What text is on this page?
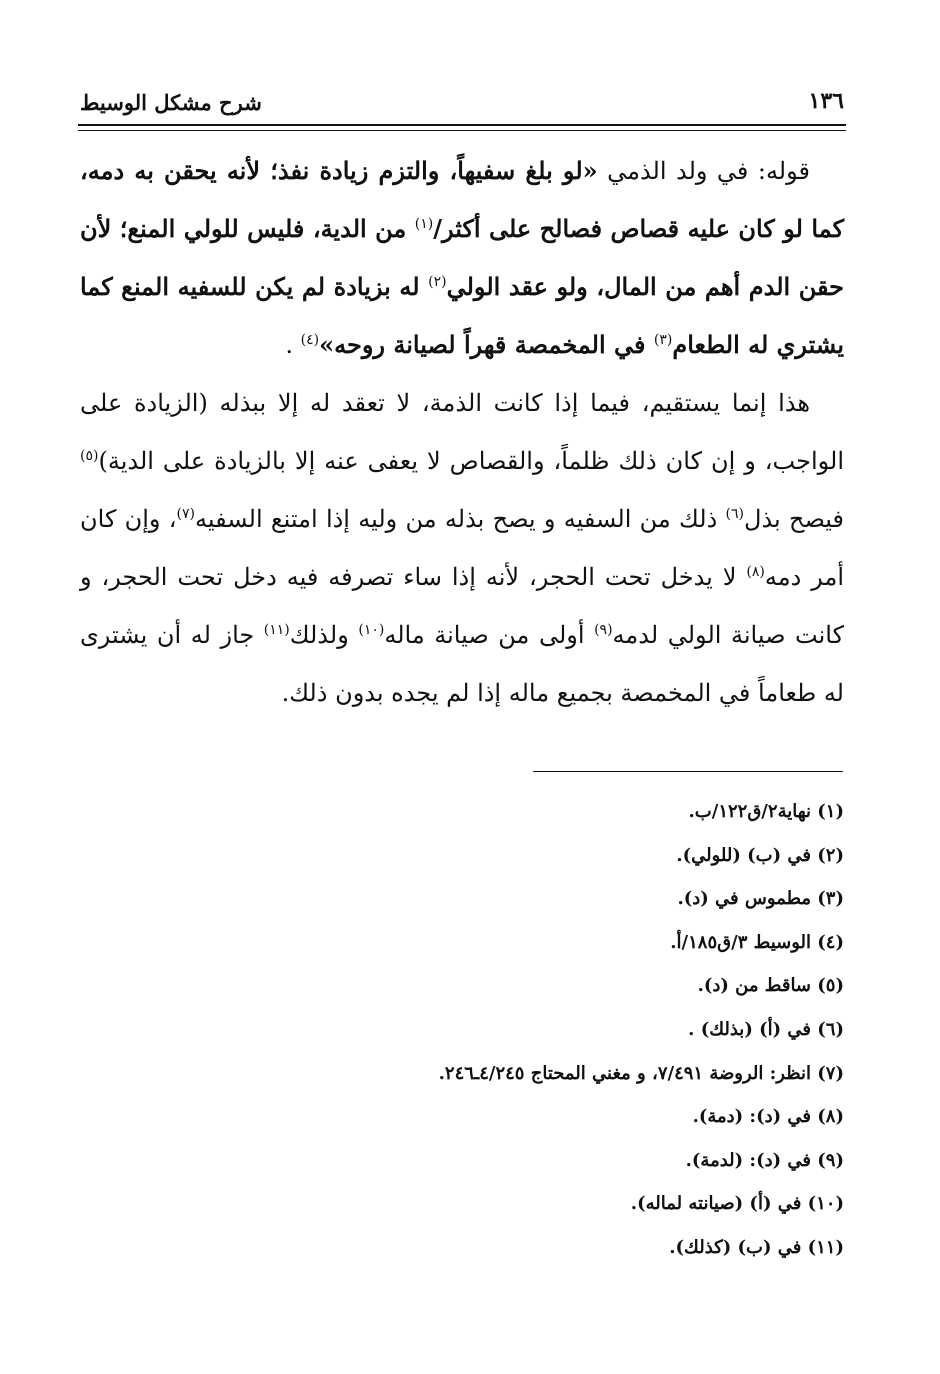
١٣٦
شرح مشكل الوسيط

قوله: في ولد الذمي «لو بلغ سفيهاً، والتزم زيادة نفذ؛ لأنه يحقن به دمه، كما لو كان عليه قصاص فصالح على أكثر/$^{(١)}$ من الدية، فليس للولي المنع؛ لأن حقن الدم أهم من المال، ولو عقد الولي$^{(٢)}$ له بزيادة لم يكن للسفيه المنع كما يشتري له الطعام$^{(٣)}$ في المخمصة قهراً لصيانة روحه»$^{(٤)}$ .

هذا إنما يستقيم، فيما إذا كانت الذمة، لا تعقد له إلا ببذله (الزيادة على الواجب، و إن كان ذلك ظلماً، والقصاص لا يعفى عنه إلا بالزيادة على الدية)$^{(٥)}$ فيصح بذل$^{(٦)}$ ذلك من السفيه و يصح بذله من وليه إذا امتنع السفيه$^{(٧)}$، وإن كان أمر دمه$^{(٨)}$ لا يدخل تحت الحجر، لأنه إذا ساء تصرفه فيه دخل تحت الحجر، و كانت صيانة الولي لدمه$^{(٩)}$ أولى من صيانة ماله$^{(١٠)}$ ولذلك$^{(١١)}$ جاز له أن يشترى له طعاماً في المخمصة بجميع ماله إذا لم يجده بدون ذلك.

(١) نهاية٢/ق١٢٢/ب.
(٢) في (ب) (للولي).
(٣) مطموس في (د).
(٤) الوسيط ٣/ق١٨٥/أ.
(٥) ساقط من (د).
(٦) في (أ) (بذلك) .
(٧) انظر: الروضة ٧/٤٩١، و مغني المحتاج ٤/٢٤٥ـ٢٤٦.
(٨) في (د): (دمة).
(٩) في (د): (لدمة).
(١٠) في (أ) (صيانته لماله).
(١١) في (ب) (كذلك).
